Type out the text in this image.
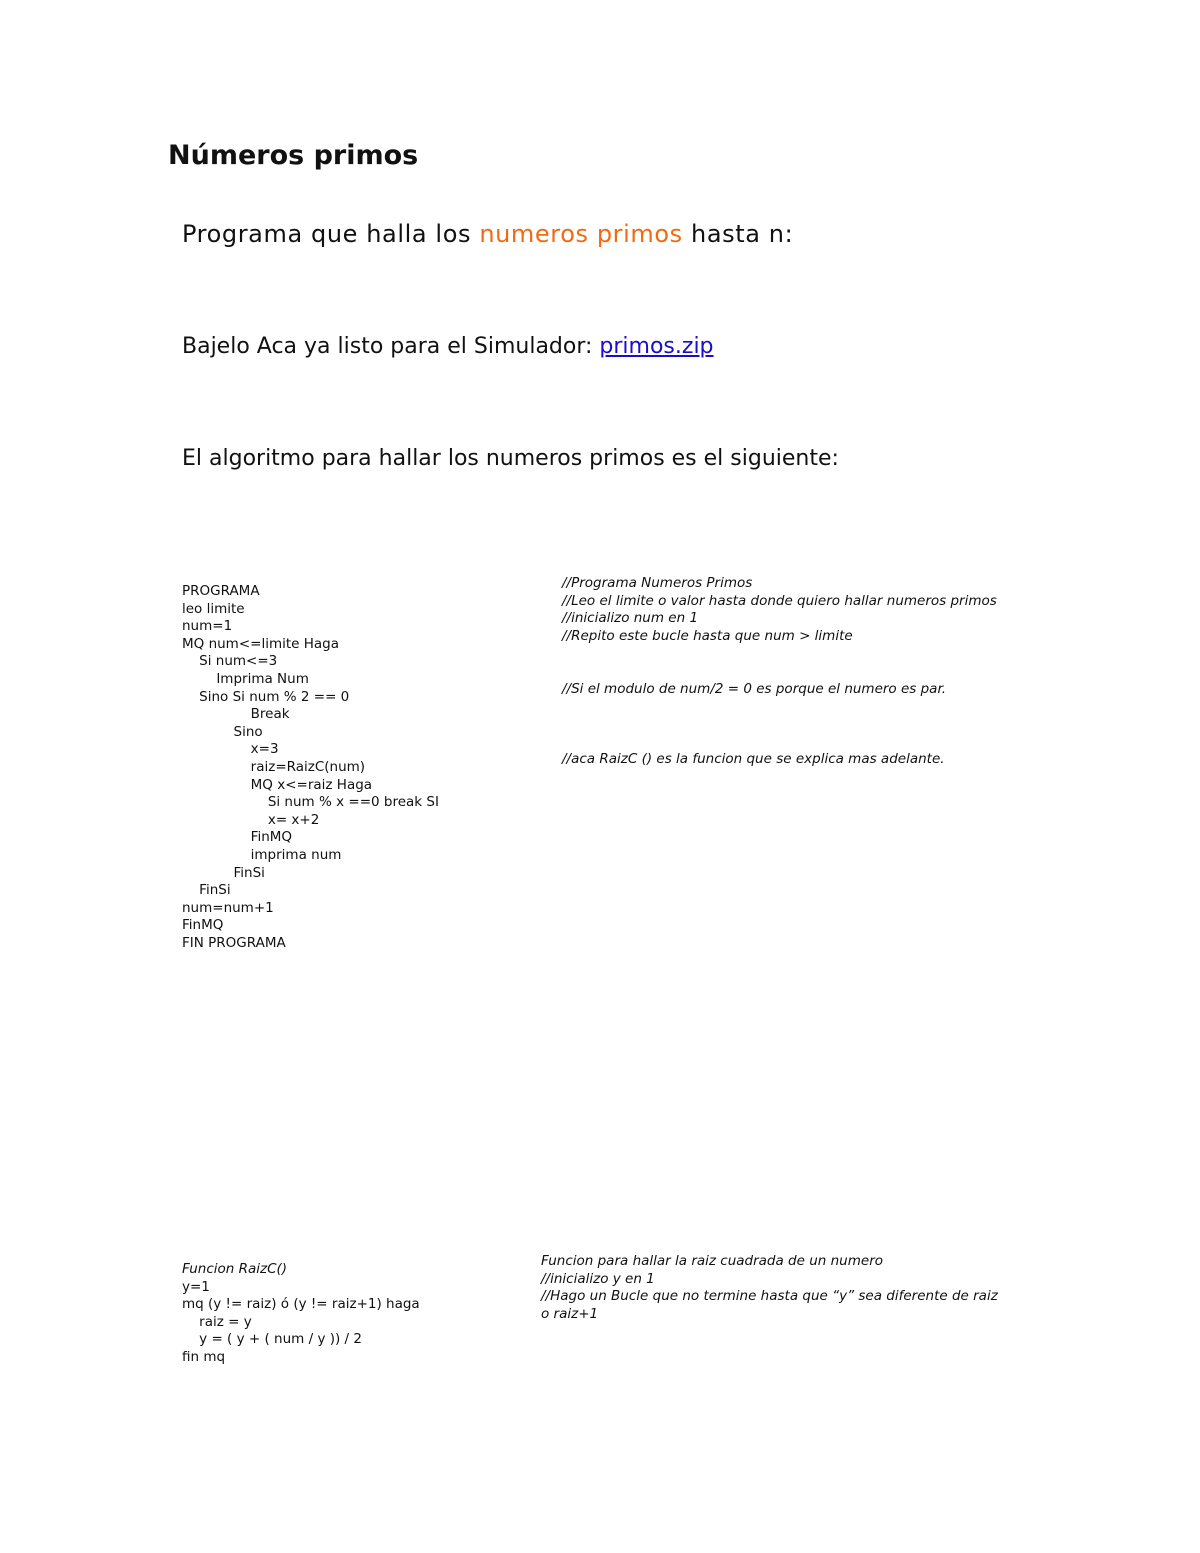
Números primos
Programa que halla los numeros primos hasta n:
Bajelo Aca ya listo para el Simulador: primos.zip
El algoritmo para hallar los numeros primos es el siguiente:
PROGRAMA
leo limite
num=1
MQ num<=limite Haga
Si num<=3
Imprima Num
Sino Si num % 2 == 0
Break
Sino
x=3
raiz=RaizC(num)
MQ x<=raiz Haga
Si num % x ==0 break SI
x= x+2
FinMQ
imprima num
FinSi
FinSi
num=num+1
FinMQ
FIN PROGRAMA
//Programa Numeros Primos
//Leo el limite o valor hasta donde quiero hallar numeros primos
//inicializo num en 1
//Repito este bucle hasta que num > limite

//Si el modulo de num/2 = 0 es porque el numero es par.

//aca RaizC () es la funcion que se explica mas adelante.
Funcion RaizC()
y=1
mq (y != raiz) ó (y != raiz+1) haga
raiz = y
y = ( y + ( num / y )) / 2
fin mq
Funcion para hallar la raiz cuadrada de un numero
//inicializo y en 1
//Hago un Bucle que no termine hasta que “y” sea diferente de raiz
o raiz+1
